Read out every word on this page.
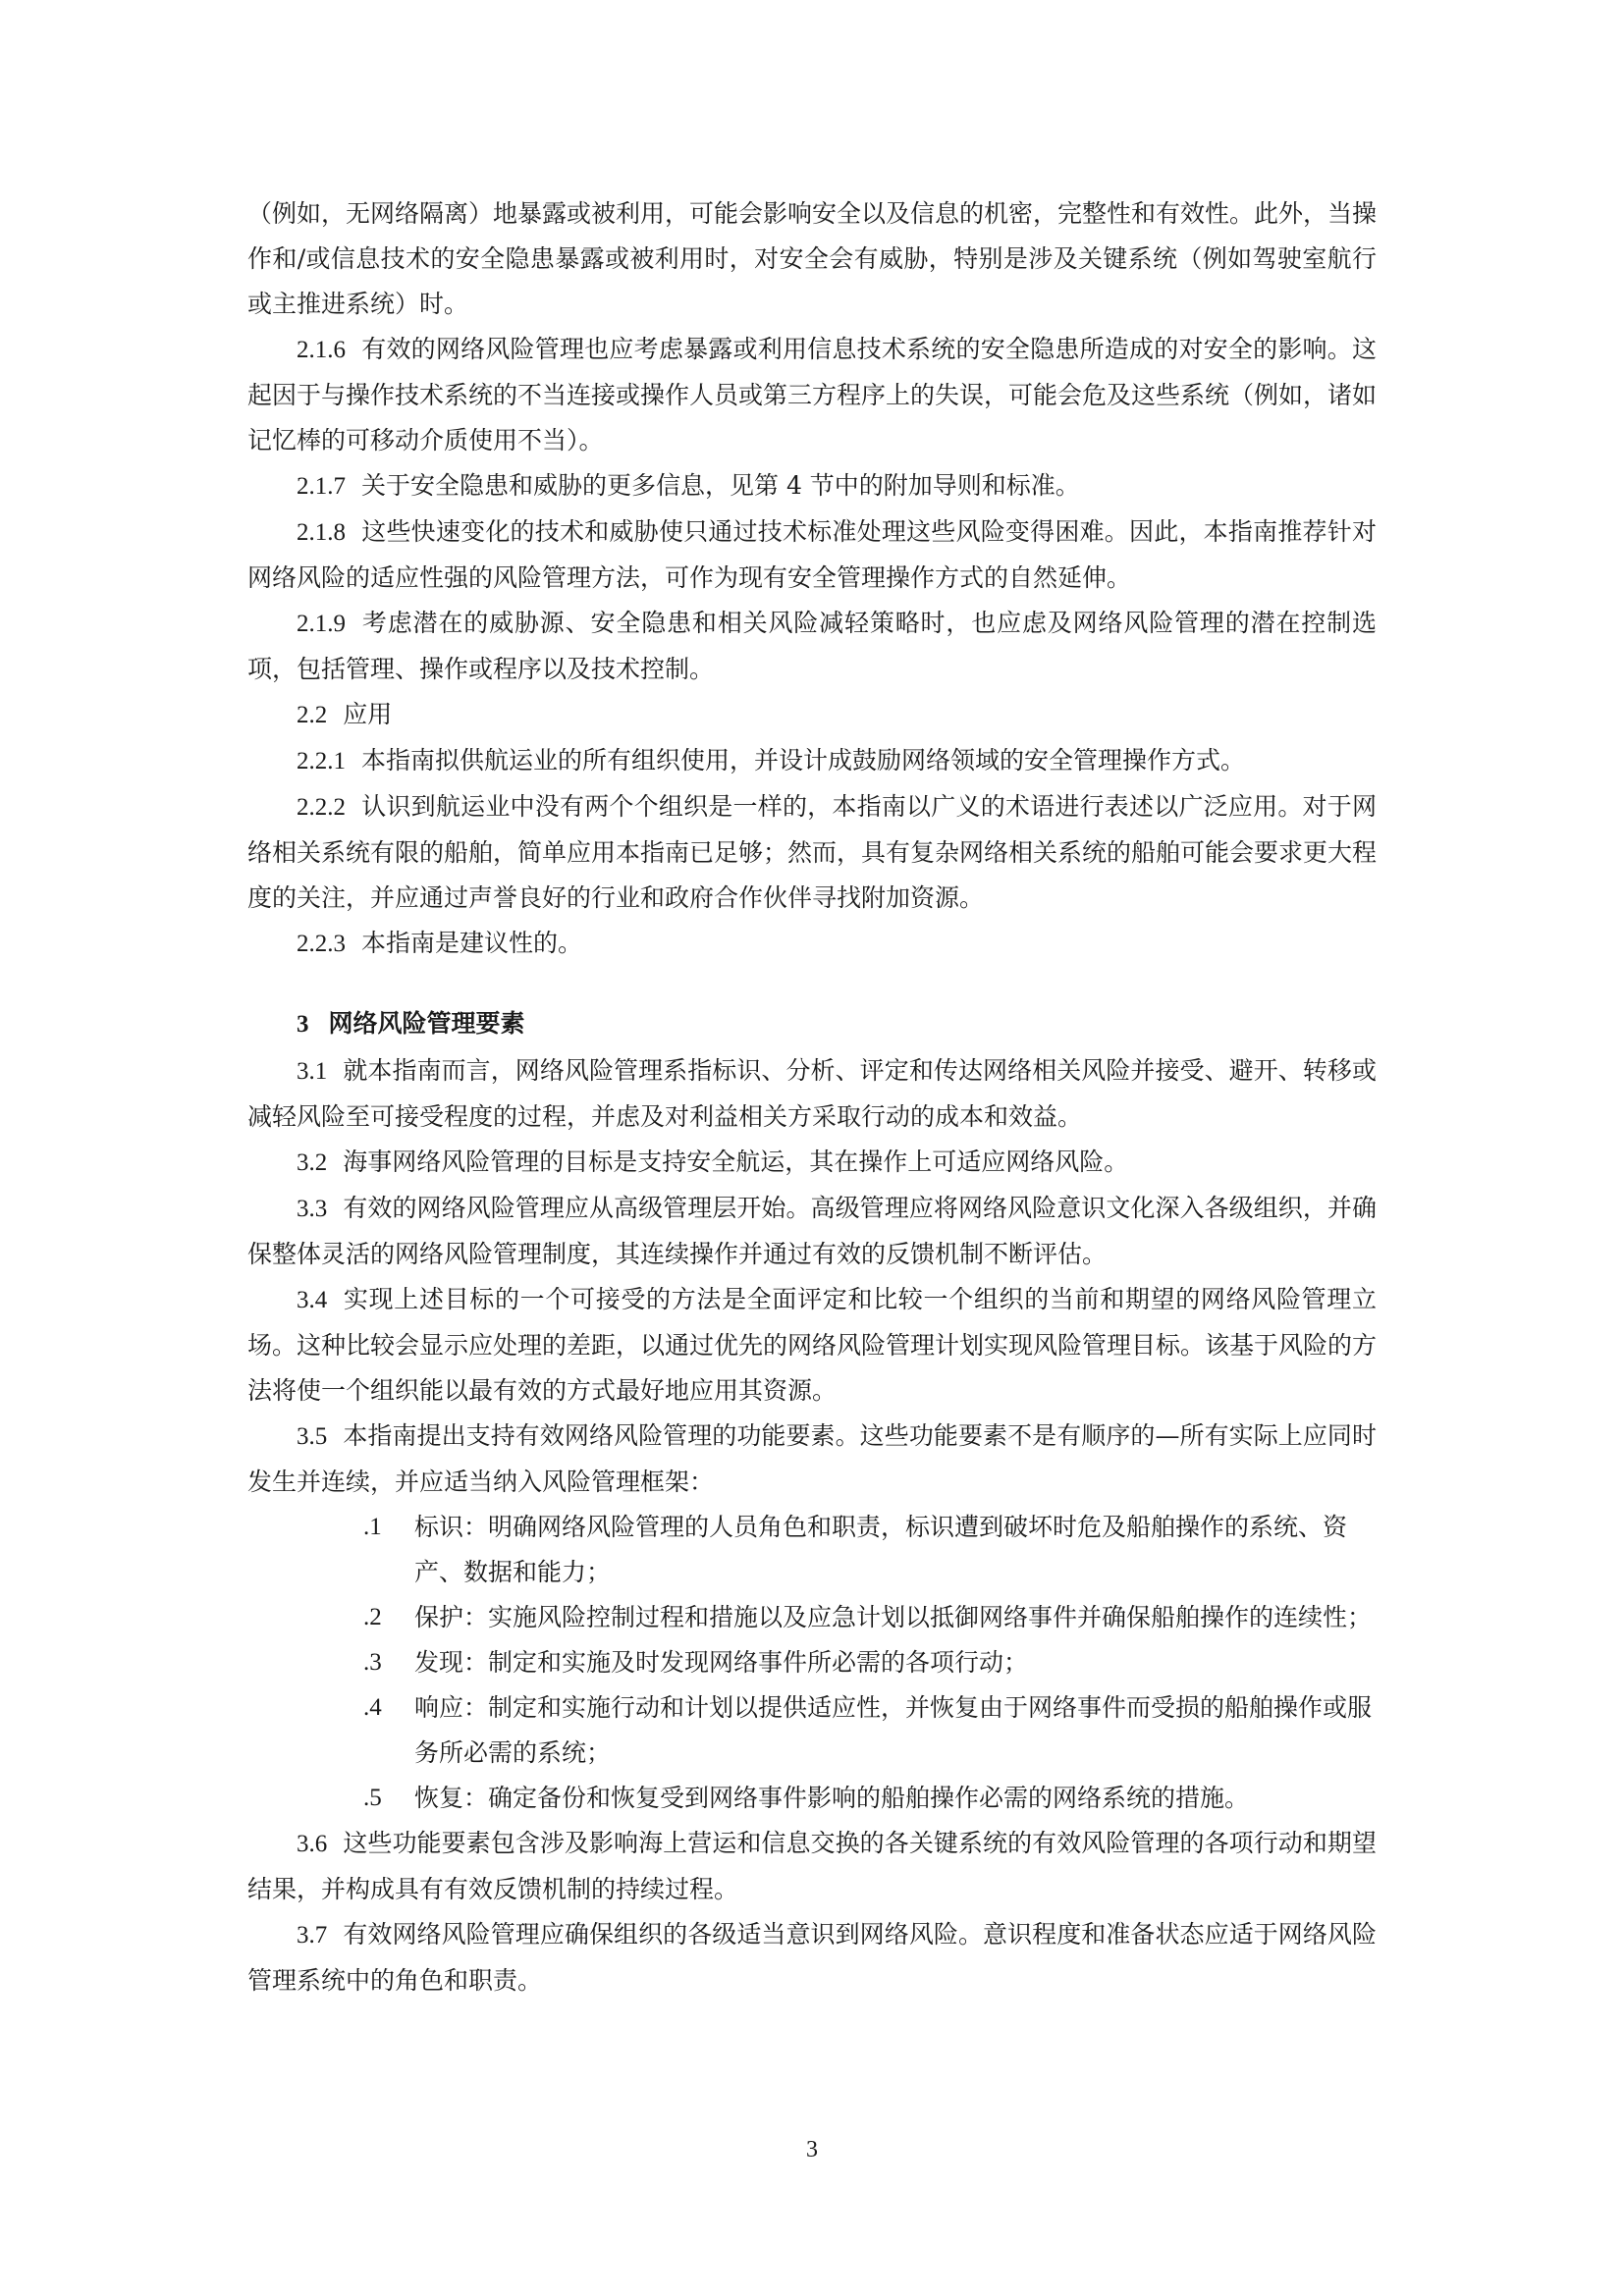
（例如，无网络隔离）地暴露或被利用，可能会影响安全以及信息的机密，完整性和有效性。此外，当操作和/或信息技术的安全隐患暴露或被利用时，对安全会有威胁，特别是涉及关键系统（例如驾驶室航行或主推进系统）时。

2.1.6 有效的网络风险管理也应考虑暴露或利用信息技术系统的安全隐患所造成的对安全的影响。这起因于与操作技术系统的不当连接或操作人员或第三方程序上的失误，可能会危及这些系统（例如，诸如记忆棒的可移动介质使用不当）。

2.1.7 关于安全隐患和威胁的更多信息，见第 4 节中的附加导则和标准。

2.1.8 这些快速变化的技术和威胁使只通过技术标准处理这些风险变得困难。因此，本指南推荐针对网络风险的适应性强的风险管理方法，可作为现有安全管理操作方式的自然延伸。

2.1.9 考虑潜在的威胁源、安全隐患和相关风险减轻策略时，也应虑及网络风险管理的潜在控制选项，包括管理、操作或程序以及技术控制。

2.2 应用

2.2.1 本指南拟供航运业的所有组织使用，并设计成鼓励网络领域的安全管理操作方式。

2.2.2 认识到航运业中没有两个个组织是一样的，本指南以广义的术语进行表述以广泛应用。对于网络相关系统有限的船舶，简单应用本指南已足够；然而，具有复杂网络相关系统的船舶可能会要求更大程度的关注，并应通过声誉良好的行业和政府合作伙伴寻找附加资源。

2.2.3 本指南是建议性的。

3 网络风险管理要素

3.1 就本指南而言，网络风险管理系指标识、分析、评定和传达网络相关风险并接受、避开、转移或减轻风险至可接受程度的过程，并虑及对利益相关方采取行动的成本和效益。

3.2 海事网络风险管理的目标是支持安全航运，其在操作上可适应网络风险。

3.3 有效的网络风险管理应从高级管理层开始。高级管理应将网络风险意识文化深入各级组织，并确保整体灵活的网络风险管理制度，其连续操作并通过有效的反馈机制不断评估。

3.4 实现上述目标的一个可接受的方法是全面评定和比较一个组织的当前和期望的网络风险管理立场。这种比较会显示应处理的差距，以通过优先的网络风险管理计划实现风险管理目标。该基于风险的方法将使一个组织能以最有效的方式最好地应用其资源。

3.5 本指南提出支持有效网络风险管理的功能要素。这些功能要素不是有顺序的—所有实际上应同时发生并连续，并应适当纳入风险管理框架：

.1 标识：明确网络风险管理的人员角色和职责，标识遭到破坏时危及船舶操作的系统、资产、数据和能力；
.2 保护：实施风险控制过程和措施以及应急计划以抵御网络事件并确保船舶操作的连续性；
.3 发现：制定和实施及时发现网络事件所必需的各项行动；
.4 响应：制定和实施行动和计划以提供适应性，并恢复由于网络事件而受损的船舶操作或服务所必需的系统；
.5 恢复：确定备份和恢复受到网络事件影响的船舶操作必需的网络系统的措施。

3.6 这些功能要素包含涉及影响海上营运和信息交换的各关键系统的有效风险管理的各项行动和期望结果，并构成具有有效反馈机制的持续过程。

3.7 有效网络风险管理应确保组织的各级适当意识到网络风险。意识程度和准备状态应适于网络风险管理系统中的角色和职责。

3
